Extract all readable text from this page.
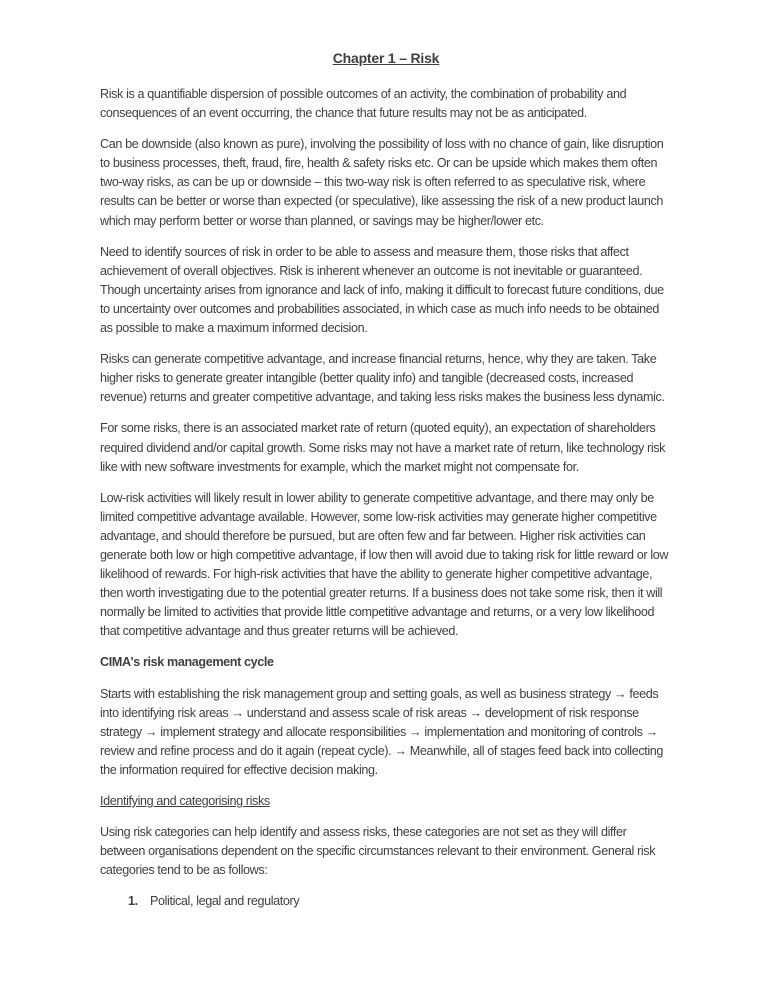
Chapter 1 – Risk

Risk is a quantifiable dispersion of possible outcomes of an activity, the combination of probability and consequences of an event occurring, the chance that future results may not be as anticipated.

Can be downside (also known as pure), involving the possibility of loss with no chance of gain, like disruption to business processes, theft, fraud, fire, health & safety risks etc. Or can be upside which makes them often two-way risks, as can be up or downside – this two-way risk is often referred to as speculative risk, where results can be better or worse than expected (or speculative), like assessing the risk of a new product launch which may perform better or worse than planned, or savings may be higher/lower etc.

Need to identify sources of risk in order to be able to assess and measure them, those risks that affect achievement of overall objectives. Risk is inherent whenever an outcome is not inevitable or guaranteed. Though uncertainty arises from ignorance and lack of info, making it difficult to forecast future conditions, due to uncertainty over outcomes and probabilities associated, in which case as much info needs to be obtained as possible to make a maximum informed decision.

Risks can generate competitive advantage, and increase financial returns, hence, why they are taken. Take higher risks to generate greater intangible (better quality info) and tangible (decreased costs, increased revenue) returns and greater competitive advantage, and taking less risks makes the business less dynamic.

For some risks, there is an associated market rate of return (quoted equity), an expectation of shareholders required dividend and/or capital growth. Some risks may not have a market rate of return, like technology risk like with new software investments for example, which the market might not compensate for.

Low-risk activities will likely result in lower ability to generate competitive advantage, and there may only be limited competitive advantage available. However, some low-risk activities may generate higher competitive advantage, and should therefore be pursued, but are often few and far between. Higher risk activities can generate both low or high competitive advantage, if low then will avoid due to taking risk for little reward or low likelihood of rewards. For high-risk activities that have the ability to generate higher competitive advantage, then worth investigating due to the potential greater returns. If a business does not take some risk, then it will normally be limited to activities that provide little competitive advantage and returns, or a very low likelihood that competitive advantage and thus greater returns will be achieved.

CIMA's risk management cycle

Starts with establishing the risk management group and setting goals, as well as business strategy → feeds into identifying risk areas → understand and assess scale of risk areas → development of risk response strategy → implement strategy and allocate responsibilities → implementation and monitoring of controls → review and refine process and do it again (repeat cycle). → Meanwhile, all of stages feed back into collecting the information required for effective decision making.

Identifying and categorising risks

Using risk categories can help identify and assess risks, these categories are not set as they will differ between organisations dependent on the specific circumstances relevant to their environment. General risk categories tend to be as follows:

1. Political, legal and regulatory
